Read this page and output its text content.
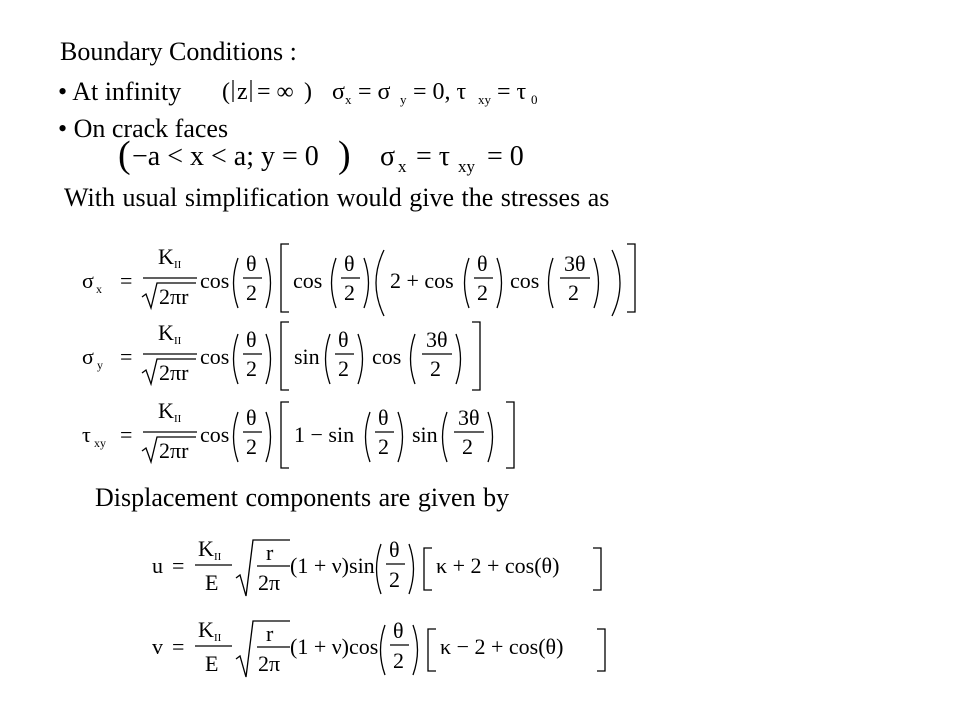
Boundary Conditions :
• At infinity
• On crack faces
( z = ∞ ) σ x = σ y = 0, τ xy = τ 0
( −a < x < a; y = 0 ) σ x = τ xy = 0
With usual simplification would give the stresses as
σ x =
K II
2πr
cos
θ
2 cos
θ
2 2 + cos
θ
2 cos
3θ
2
σ y =
K II
2πr
cos
θ
2 sin
θ
2 cos
3θ
2
τ xy =
K II
2πr
cos
θ
2 1 − sin
θ
2 sin
3θ
2
Displacement components are given by
u =
K II
E
r
2π
(1 + ν)sin
θ
2
κ + 2 + cos(θ)
v =
K II
E
r
2π
(1 + ν)cos
θ
2
κ − 2 + cos(θ)
